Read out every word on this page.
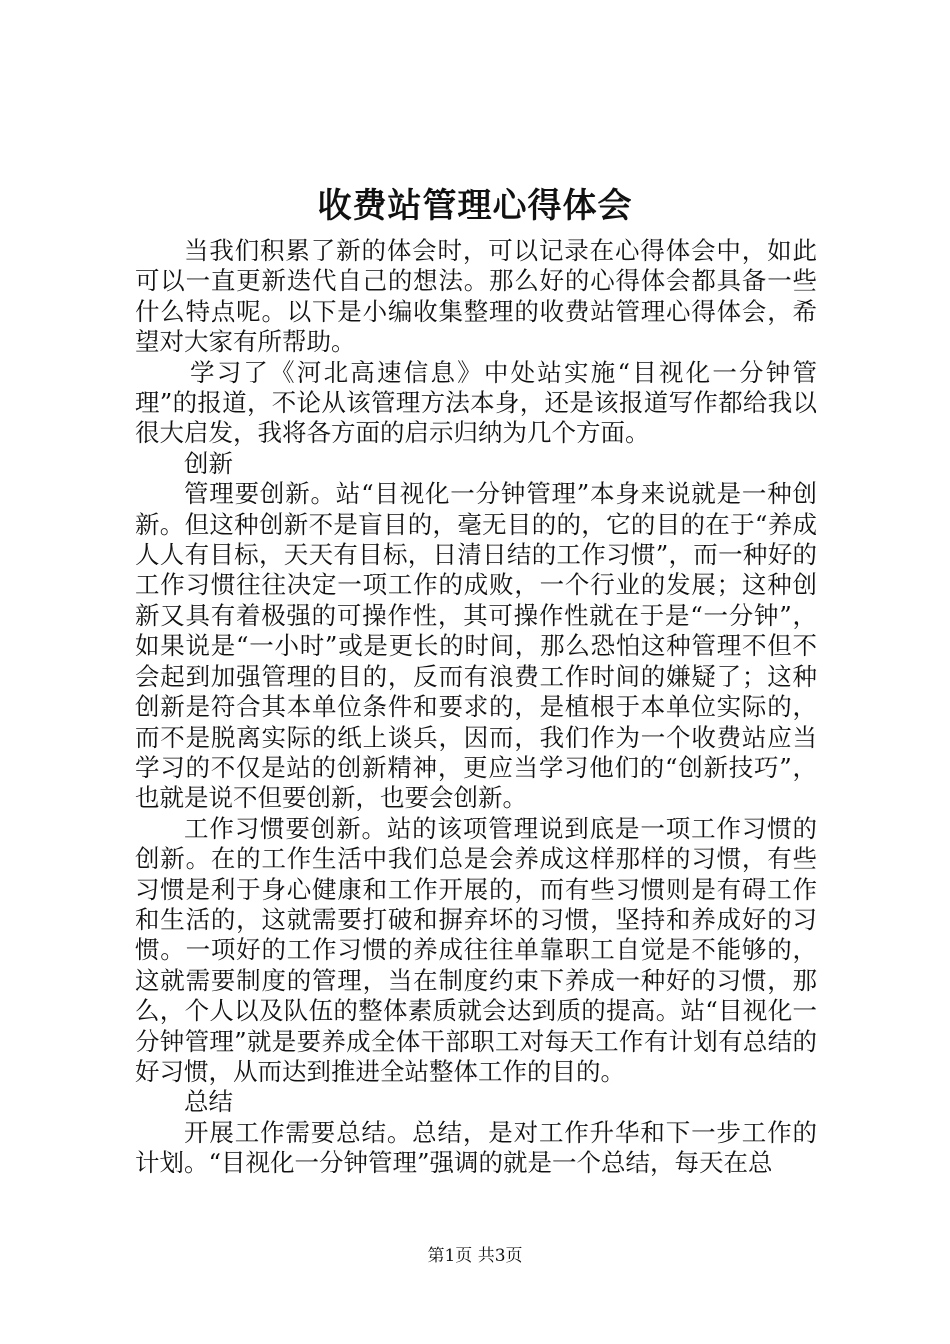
收费站管理心得体会

当我们积累了新的体会时，可以记录在心得体会中，如此可以一直更新迭代自己的想法。那么好的心得体会都具备一些什么特点呢。以下是小编收集整理的收费站管理心得体会，希望对大家有所帮助。

学习了《河北高速信息》中处站实施“目视化一分钟管理”的报道，不论从该管理方法本身，还是该报道写作都给我以很大启发，我将各方面的启示归纳为几个方面。

创新

管理要创新。站“目视化一分钟管理”本身来说就是一种创新。但这种创新不是盲目的，毫无目的的，它的目的在于“养成人人有目标，天天有目标，日清日结的工作习惯”，而一种好的工作习惯往往决定一项工作的成败，一个行业的发展；这种创新又具有着极强的可操作性，其可操作性就在于是“一分钟”，如果说是“一小时”或是更长的时间，那么恐怕这种管理不但不会起到加强管理的目的，反而有浪费工作时间的嫌疑了；这种创新是符合其本单位条件和要求的，是植根于本单位实际的，而不是脱离实际的纸上谈兵，因而，我们作为一个收费站应当学习的不仅是站的创新精神，更应当学习他们的“创新技巧”，也就是说不但要创新，也要会创新。

工作习惯要创新。站的该项管理说到底是一项工作习惯的创新。在的工作生活中我们总是会养成这样那样的习惯，有些习惯是利于身心健康和工作开展的，而有些习惯则是有碍工作和生活的，这就需要打破和摒弃坏的习惯，坚持和养成好的习惯。一项好的工作习惯的养成往往单靠职工自觉是不能够的，这就需要制度的管理，当在制度约束下养成一种好的习惯，那么，个人以及队伍的整体素质就会达到质的提高。站“目视化一分钟管理”就是要养成全体干部职工对每天工作有计划有总结的好习惯，从而达到推进全站整体工作的目的。

总结

开展工作需要总结。总结，是对工作升华和下一步工作的计划。“目视化一分钟管理”强调的就是一个总结，每天在总

第1页 共3页
